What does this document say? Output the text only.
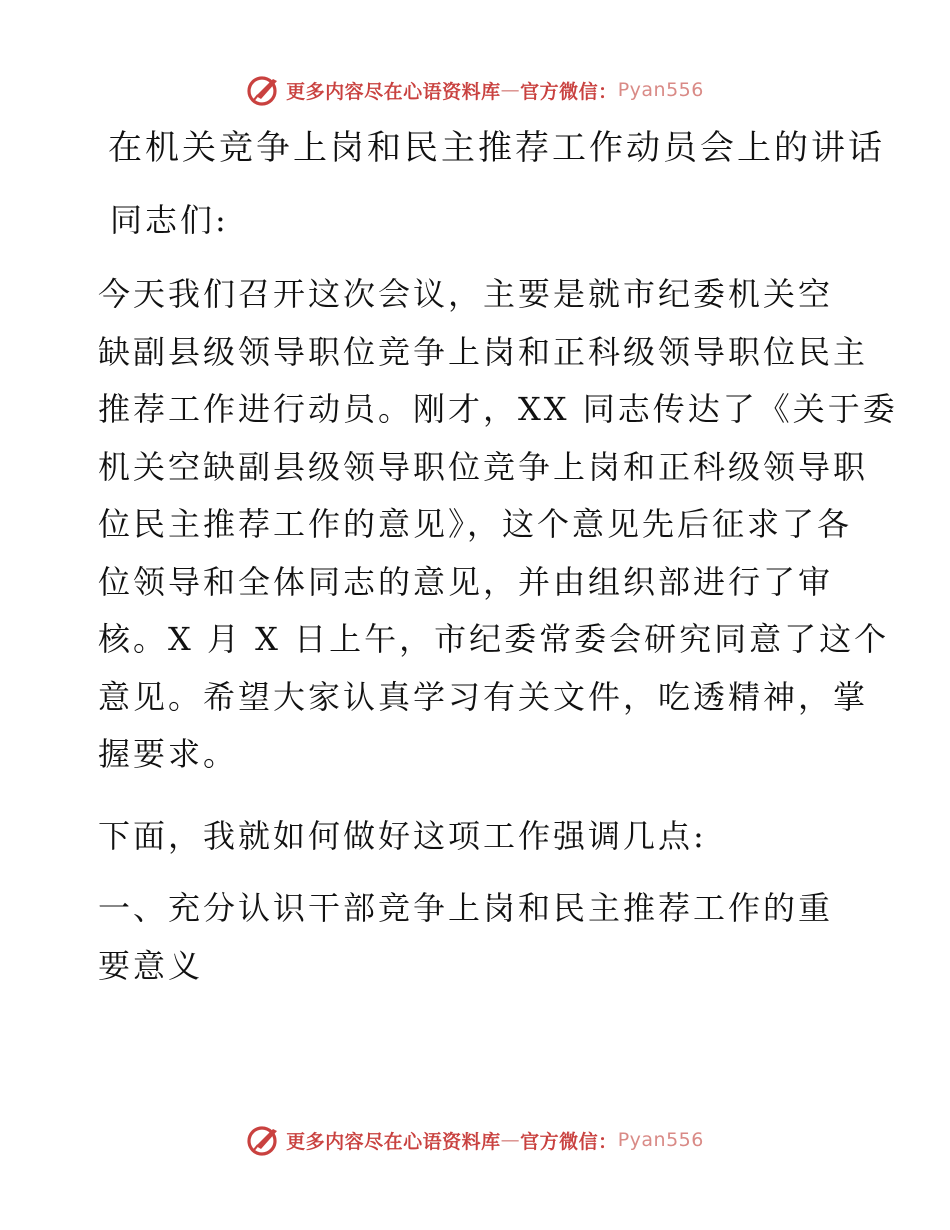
更多内容尽在心语资料库 — 官方微信： Pyan556
在机关竞争上岗和民主推荐工作动员会上的讲话
同志们:
今天我们召开这次会议，主要是就市纪委机关空
缺副县级领导职位竞争上岗和正科级领导职位民主
推荐工作进行动员。刚才，XX 同志传达了《关于委
机关空缺副县级领导职位竞争上岗和正科级领导职
位民主推荐工作的意见》，这个意见先后征求了各
位领导和全体同志的意见，并由组织部进行了审
核。X 月 X 日上午，市纪委常委会研究同意了这个
意见。希望大家认真学习有关文件，吃透精神，掌
握要求。
下面，我就如何做好这项工作强调几点:
一、充分认识干部竞争上岗和民主推荐工作的重
要意义
更多内容尽在心语资料库 — 官方微信： Pyan556
